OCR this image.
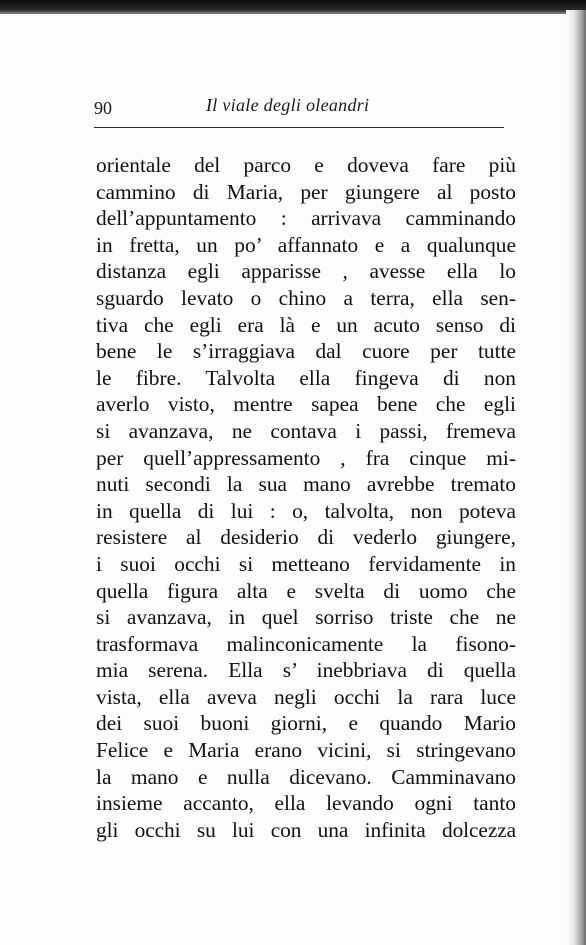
90	Il viale degli oleandri
orientale del parco e doveva fare più
cammino di Maria, per giungere al posto
dell’appuntamento : arrivava camminando
in fretta, un po’ affannato e a qualunque
distanza egli apparisse , avesse ella lo
sguardo levato o chino a terra, ella sen-
tiva che egli era là e un acuto senso di
bene le s’irraggiava dal cuore per tutte
le fibre. Talvolta ella fingeva di non
averlo visto, mentre sapea bene che egli
si avanzava, ne contava i passi, fremeva
per quell’appressamento , fra cinque mi-
nuti secondi la sua mano avrebbe tremato
in quella di lui : o, talvolta, non poteva
resistere al desiderio di vederlo giungere,
i suoi occhi si metteano fervidamente in
quella figura alta e svelta di uomo che
si avanzava, in quel sorriso triste che ne
trasformava malinconicamente la fisono-
mia serena. Ella s’ inebbriava di quella
vista, ella aveva negli occhi la rara luce
dei suoi buoni giorni, e quando Mario
Felice e Maria erano vicini, si stringevano
la mano e nulla dicevano. Camminavano
insieme accanto, ella levando ogni tanto
gli occhi su lui con una infinita dolcezza
